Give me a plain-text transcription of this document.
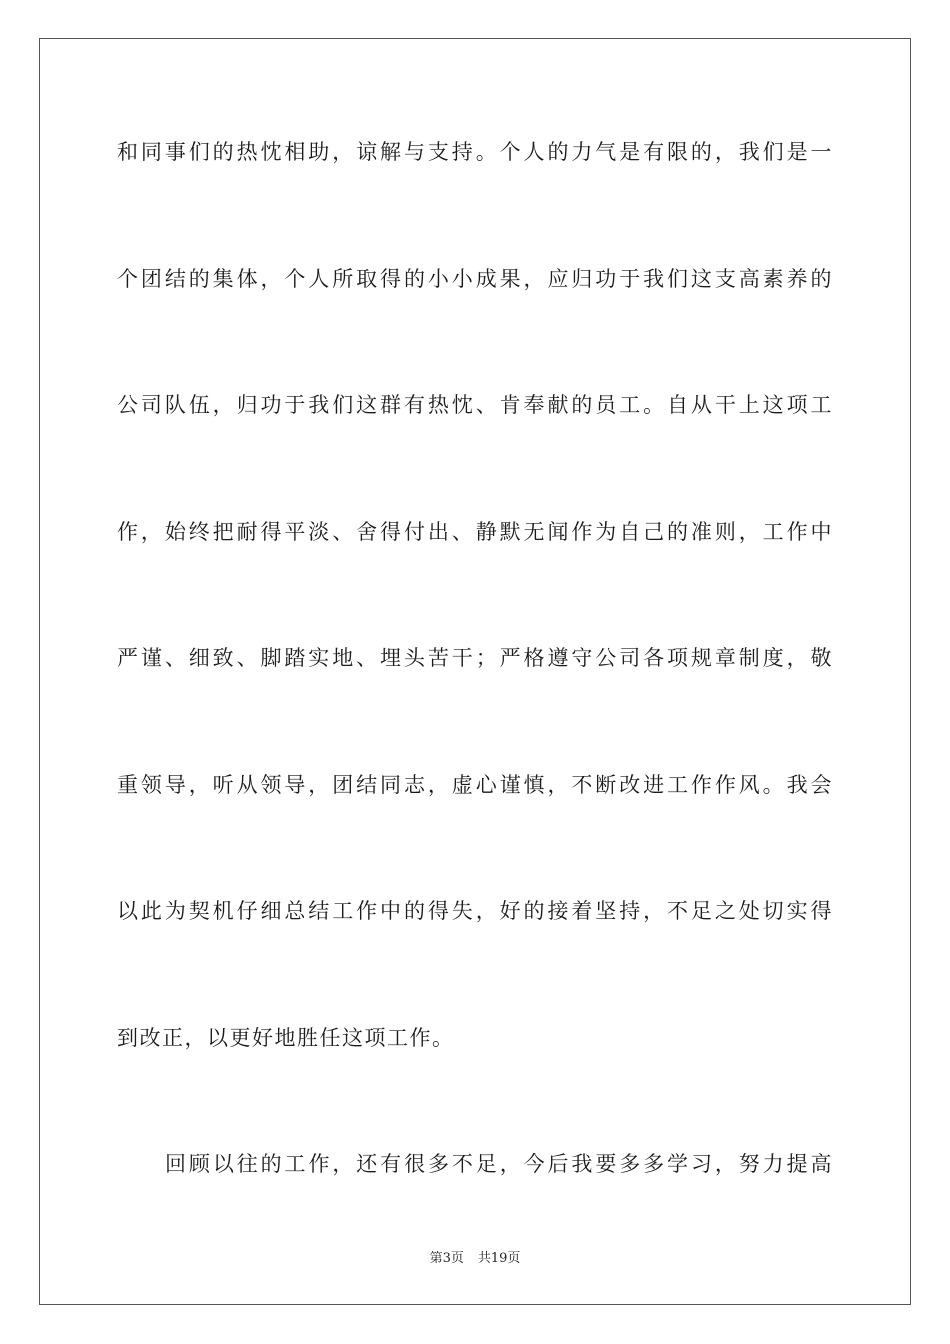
和同事们的热忱相助，谅解与支持。个人的力气是有限的，我们是一
个团结的集体，个人所取得的小小成果，应归功于我们这支高素养的
公司队伍，归功于我们这群有热忱、肯奉献的员工。自从干上这项工
作，始终把耐得平淡、舍得付出、静默无闻作为自己的准则，工作中
严谨、细致、脚踏实地、埋头苦干；严格遵守公司各项规章制度，敬
重领导，听从领导，团结同志，虚心谨慎，不断改进工作作风。我会
以此为契机仔细总结工作中的得失，好的接着坚持，不足之处切实得
到改正，以更好地胜任这项工作。
回顾以往的工作，还有很多不足，今后我要多多学习，努力提高
第3页 共19页
